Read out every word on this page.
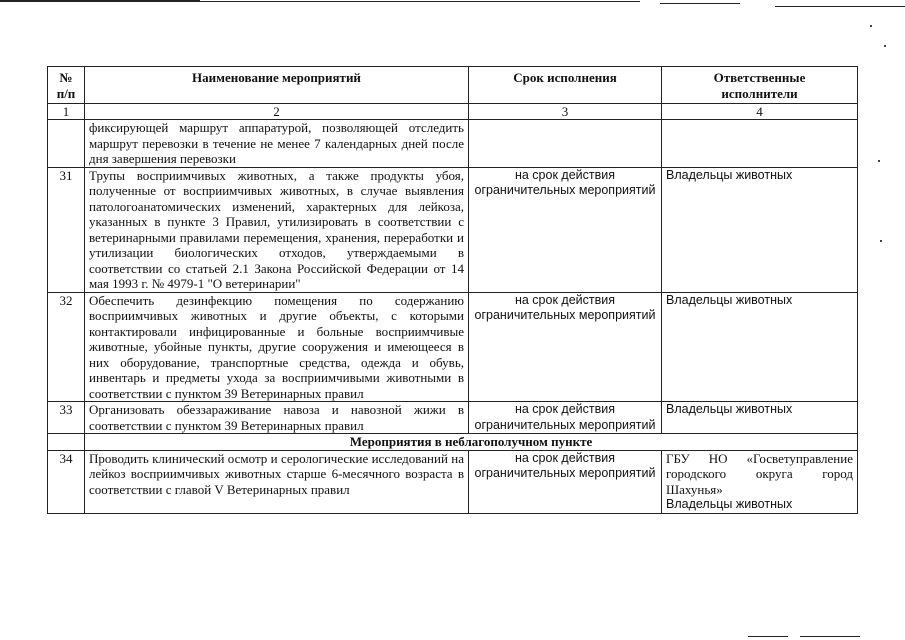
№
п/п	Наименование мероприятий	Срок исполнения	Ответственные
исполнители
1	2	3	4
	фиксирующей маршрут аппаратурой, позволяющей отследить маршрут перевозки в течение не менее 7 календарных дней после дня завершения перевозки		
31	Трупы восприимчивых животных, а также продукты убоя, полученные от восприимчивых животных, в случае выявления патологоанатомических изменений, характерных для лейкоза, указанных в пункте 3 Правил, утилизировать в соответствии с ветеринарными правилами перемещения, хранения, переработки и утилизации биологических отходов, утверждаемыми в соответствии со статьей 2.1 Закона Российской Федерации от 14 мая 1993 г. № 4979-1 "О ветеринарии"	на срок действия ограничительных мероприятий	Владельцы животных
32	Обеспечить дезинфекцию помещения по содержанию восприимчивых животных и другие объекты, с которыми контактировали инфицированные и больные восприимчивые животные, убойные пункты, другие сооружения и имеющееся в них оборудование, транспортные средства, одежда и обувь, инвентарь и предметы ухода за восприимчивыми животными в соответствии с пунктом 39 Ветеринарных правил	на срок действия ограничительных мероприятий	Владельцы животных
33	Организовать обеззараживание навоза и навозной жижи в соответствии с пунктом 39 Ветеринарных правил	на срок действия ограничительных мероприятий	Владельцы животных
	Мероприятия в неблагополучном пункте		
34	Проводить клинический осмотр и серологические исследований на лейкоз восприимчивых животных старше 6-месячного возраста в соответствии с главой V Ветеринарных правил	на срок действия ограничительных мероприятий	ГБУ НО «Госветуправление городского округа город Шахунья»
Владельцы животных
